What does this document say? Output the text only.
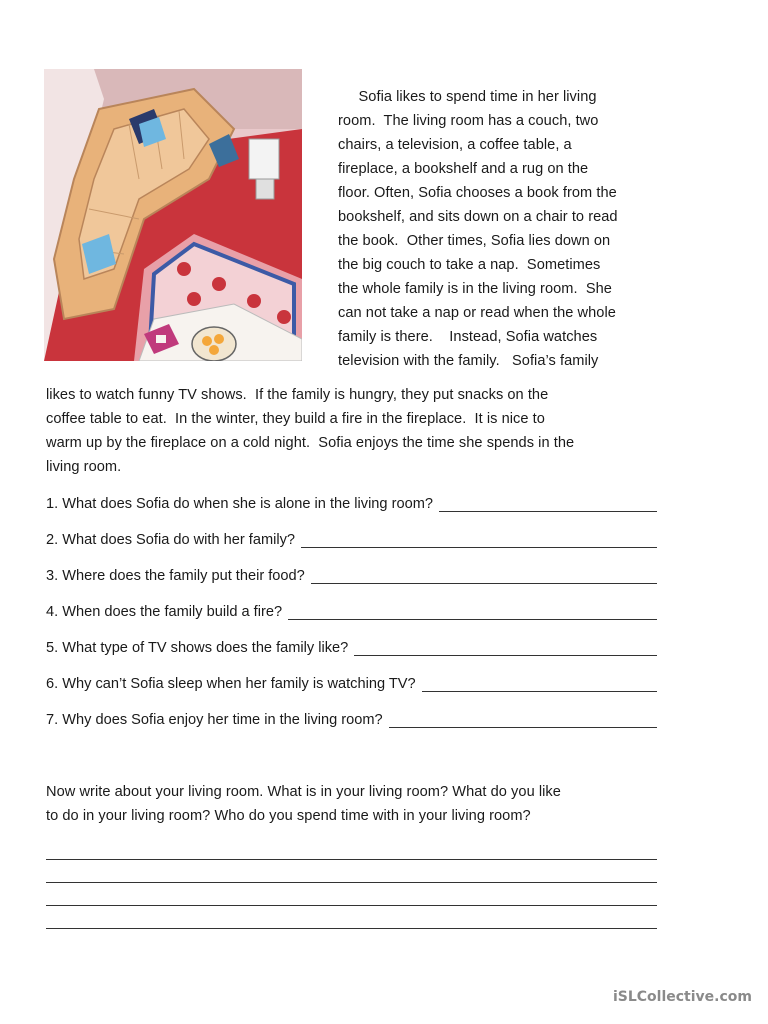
Sofia likes to spend time in her living
room.  The living room has a couch, two
chairs, a television, a coffee table, a
fireplace, a bookshelf and a rug on the
floor. Often, Sofia chooses a book from the
bookshelf, and sits down on a chair to read
the book.  Other times, Sofia lies down on
the big couch to take a nap.  Sometimes
the whole family is in the living room.  She
can not take a nap or read when the whole
family is there.    Instead, Sofia watches
television with the family.   Sofia’s family
likes to watch funny TV shows.  If the family is hungry, they put snacks on the
coffee table to eat.  In the winter, they build a fire in the fireplace.  It is nice to
warm up by the fireplace on a cold night.  Sofia enjoys the time she spends in the
living room.
1. What does Sofia do when she is alone in the living room?
2. What does Sofia do with her family?
3. Where does the family put their food?
4. When does the family build a fire?
5. What type of TV shows does the family like?
6. Why can’t Sofia sleep when her family is watching TV?
7. Why does Sofia enjoy her time in the living room?
Now write about your living room. What is in your living room? What do you like
to do in your living room? Who do you spend time with in your living room?
iSLCollective.com
